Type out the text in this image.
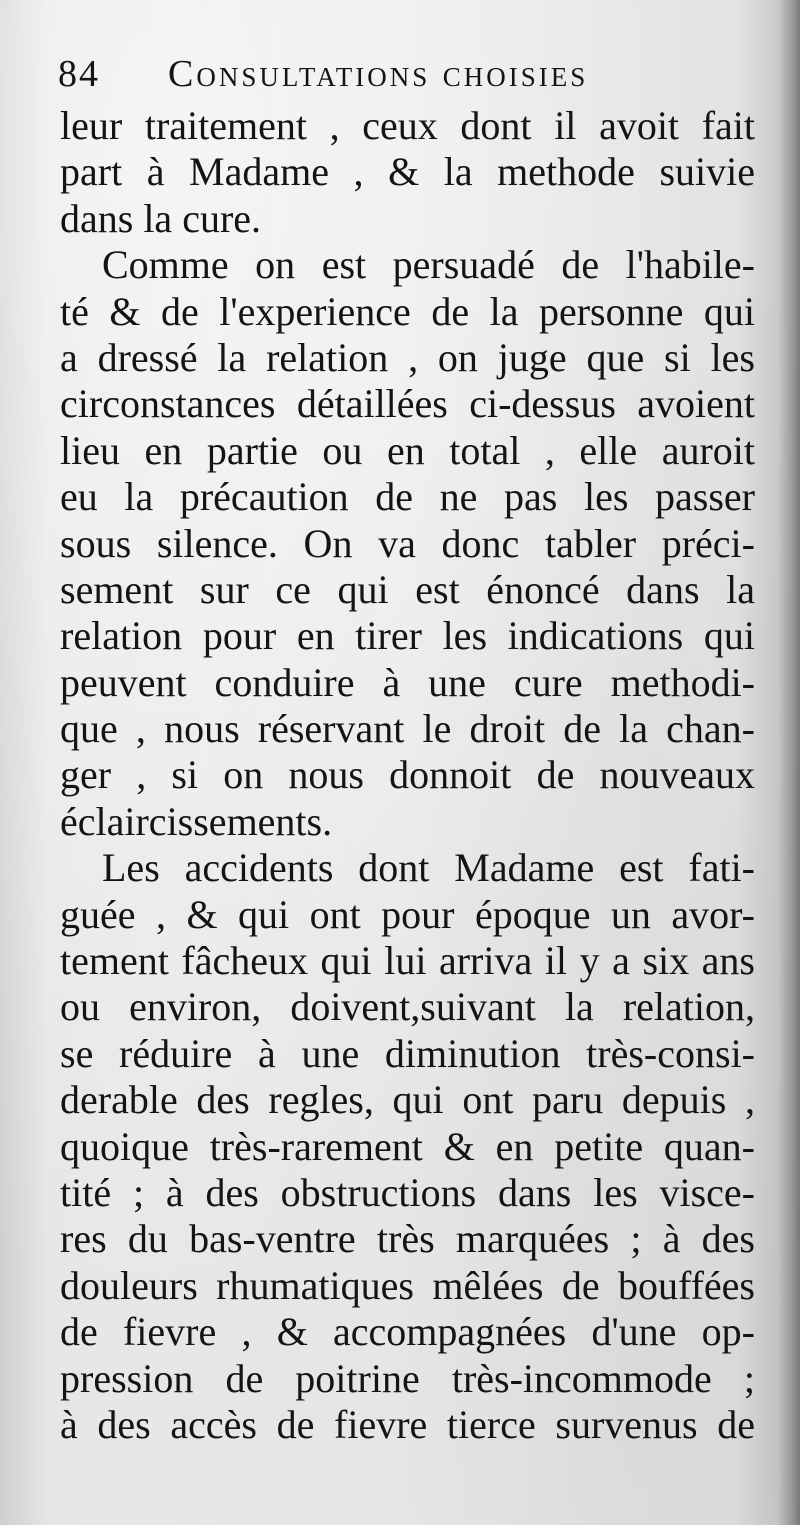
84	Consultations choisies
leur traitement , ceux dont il avoit fait
part à Madame , & la methode suivie
dans la cure.
Comme on est persuadé de l'habile-
té & de l'experience de la personne qui
a dressé la relation , on juge que si les
circonstances détaillées ci-dessus avoient
lieu en partie ou en total , elle auroit
eu la précaution de ne pas les passer
sous silence. On va donc tabler préci-
sement sur ce qui est énoncé dans la
relation pour en tirer les indications qui
peuvent conduire à une cure methodi-
que , nous réservant le droit de la chan-
ger , si on nous donnoit de nouveaux
éclaircissements.
Les accidents dont Madame est fati-
guée , & qui ont pour époque un avor-
tement fâcheux qui lui arriva il y a six ans
ou environ, doivent,suivant la relation,
se réduire à une diminution très-consi-
derable des regles, qui ont paru depuis ,
quoique très-rarement & en petite quan-
tité ; à des obstructions dans les visce-
res du bas-ventre très marquées ; à des
douleurs rhumatiques mêlées de bouffées
de fievre , & accompagnées d'une op-
pression de poitrine très-incommode ;
à des accès de fievre tierce survenus de
